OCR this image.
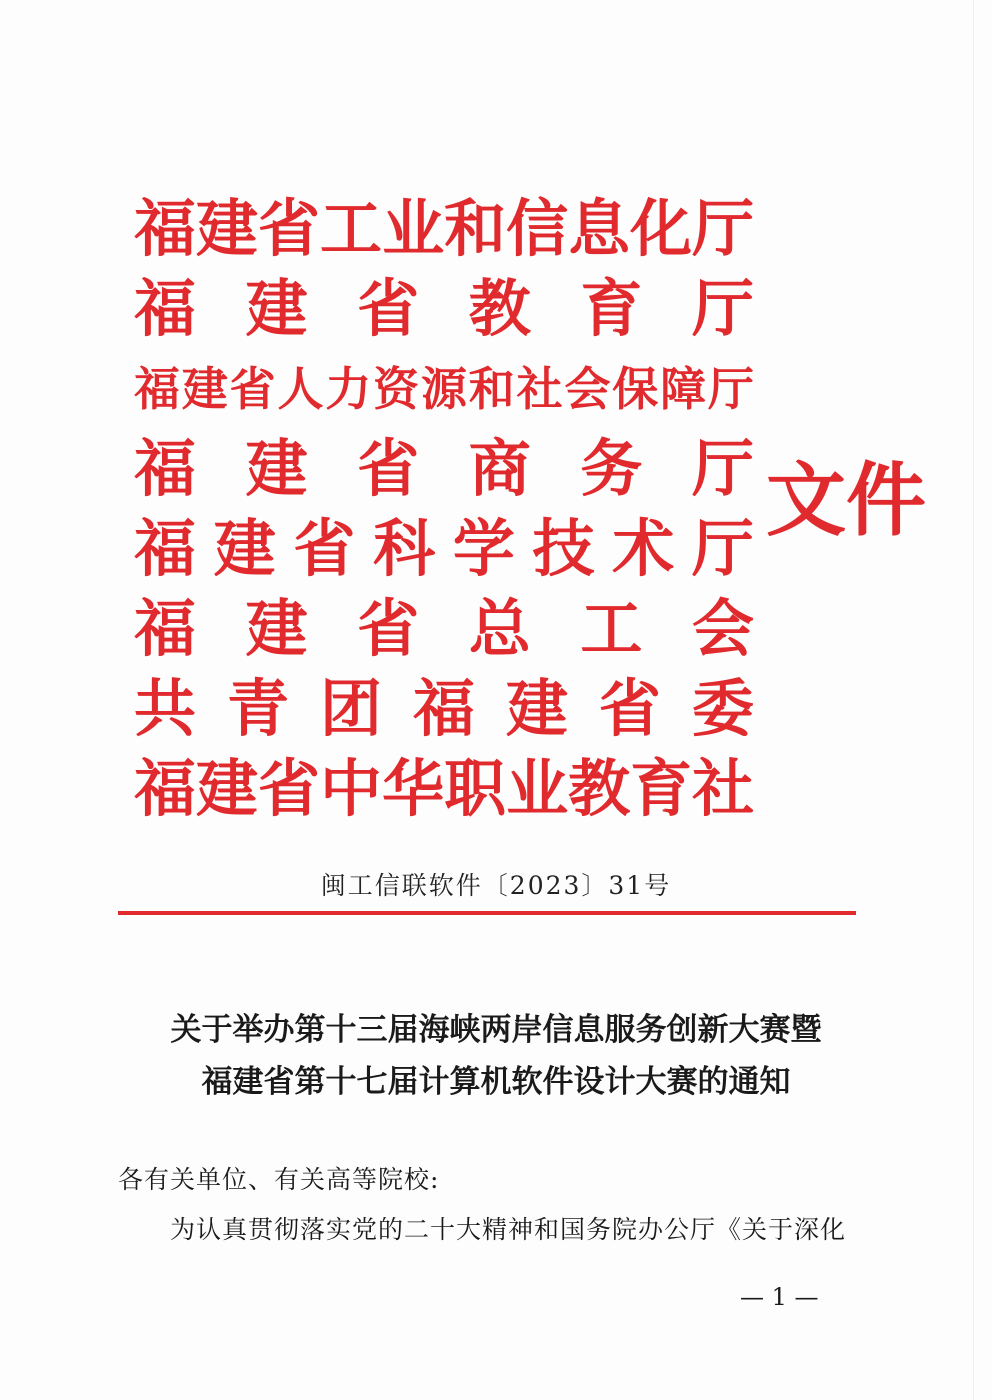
福 建 省 工 业 和 信 息 化 厅
福 建 省 教 育 厅
福 建 省 人 力 资 源 和 社 会 保 障 厅
福 建 省 商 务 厅
福 建 省 科 学 技 术 厅
福 建 省 总 工 会
共 青 团 福 建 省 委
福 建 省 中 华 职 业 教 育 社
文件
闽工信联软件〔2023〕31号
关于举办第十三届海峡两岸信息服务创新大赛暨
福建省第十七届计算机软件设计大赛的通知
各有关单位、有关高等院校:
为认真贯彻落实党的二十大精神和国务院办公厅《关于深化
— 1 —
